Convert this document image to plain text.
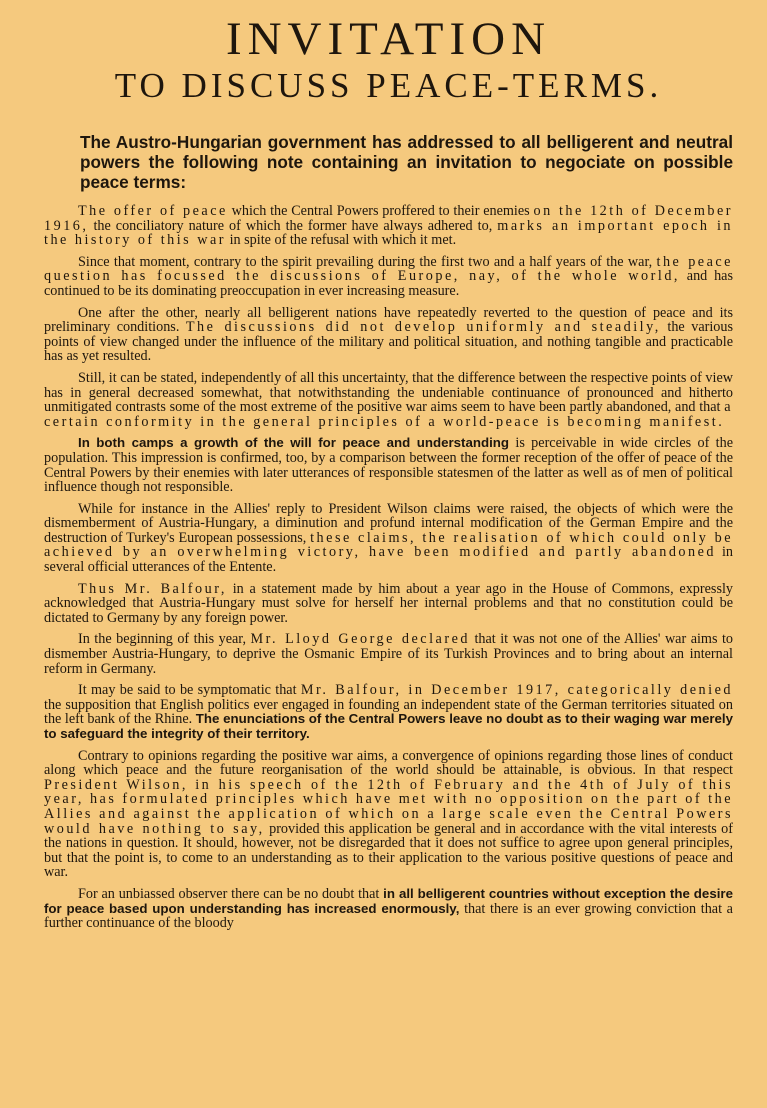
INVITATION
TO DISCUSS PEACE-TERMS.

The Austro-Hungarian government has addressed to all belligerent and neutral powers the following note containing an invitation to negociate on possible peace terms:

The offer of peace which the Central Powers proffered to their enemies on the 12th of December 1916, the conciliatory nature of which the former have always adhered to, marks an important epoch in the history of this war in spite of the refusal with which it met.

Since that moment, contrary to the spirit prevailing during the first two and a half years of the war, the peace question has focussed the discussions of Europe, nay, of the whole world, and has continued to be its dominating preoccupation in ever increasing measure.

One after the other, nearly all belligerent nations have repeatedly reverted to the question of peace and its preliminary conditions. The discussions did not develop uniformly and steadily, the various points of view changed under the influence of the military and political situation, and nothing tangible and practicable has as yet resulted.

Still, it can be stated, independently of all this uncertainty, that the difference between the respective points of view has in general decreased somewhat, that notwithstanding the undeniable continuance of pronounced and hitherto unmitigated contrasts some of the most extreme of the positive war aims seem to have been partly abandoned, and that a certain conformity in the general principles of a world-peace is becoming manifest.

In both camps a growth of the will for peace and understanding is perceivable in wide circles of the population. This impression is confirmed, too, by a comparison between the former reception of the offer of peace of the Central Powers by their enemies with later utterances of responsible statesmen of the latter as well as of men of political influence though not responsible.

While for instance in the Allies' reply to President Wilson claims were raised, the objects of which were the dismemberment of Austria-Hungary, a diminution and profund internal modification of the German Empire and the destruction of Turkey's European possessions, these claims, the realisation of which could only be achieved by an overwhelming victory, have been modified and partly abandoned in several official utterances of the Entente.

Thus Mr. Balfour, in a statement made by him about a year ago in the House of Commons, expressly acknowledged that Austria-Hungary must solve for herself her internal problems and that no constitution could be dictated to Germany by any foreign power.

In the beginning of this year, Mr. Lloyd George declared that it was not one of the Allies' war aims to dismember Austria-Hungary, to deprive the Osmanic Empire of its Turkish Provinces and to bring about an internal reform in Germany.

It may be said to be symptomatic that Mr. Balfour, in December 1917, categorically denied the supposition that English politics ever engaged in founding an independent state of the German territories situated on the left bank of the Rhine. The enunciations of the Central Powers leave no doubt as to their waging war merely to safeguard the integrity of their territory.

Contrary to opinions regarding the positive war aims, a convergence of opinions regarding those lines of conduct along which peace and the future reorganisation of the world should be attainable, is obvious. In that respect President Wilson, in his speech of the 12th of February and the 4th of July of this year, has formulated principles which have met with no opposition on the part of the Allies and against the application of which on a large scale even the Central Powers would have nothing to say, provided this application be general and in accordance with the vital interests of the nations in question. It should, however, not be disregarded that it does not suffice to agree upon general principles, but that the point is, to come to an understanding as to their application to the various positive questions of peace and war.

For an unbiassed observer there can be no doubt that in all belligerent countries without exception the desire for peace based upon understanding has increased enormously, that there is an ever growing conviction that a further continuance of the bloody
